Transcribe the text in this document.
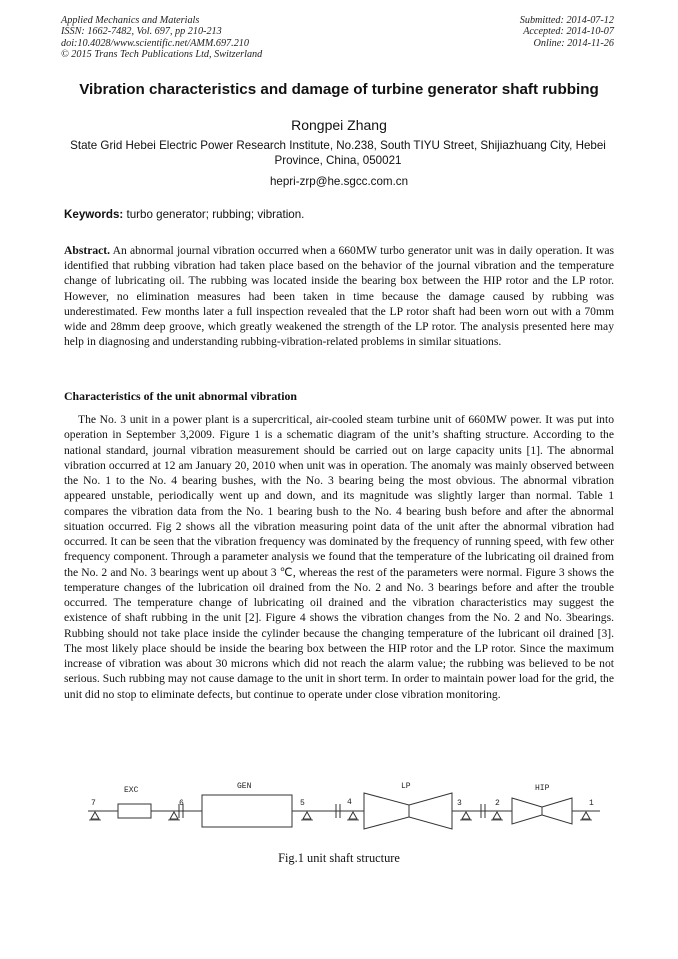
Applied Mechanics and Materials
ISSN: 1662-7482, Vol. 697, pp 210-213
doi:10.4028/www.scientific.net/AMM.697.210
© 2015 Trans Tech Publications Ltd, Switzerland
Submitted: 2014-07-12
Accepted: 2014-10-07
Online: 2014-11-26
Vibration characteristics and damage of turbine generator shaft rubbing
Rongpei Zhang
State Grid Hebei Electric Power Research Institute, No.238, South TIYU Street, Shijiazhuang City, Hebei Province, China, 050021
hepri-zrp@he.sgcc.com.cn
Keywords: turbo generator; rubbing; vibration.
Abstract. An abnormal journal vibration occurred when a 660MW turbo generator unit was in daily operation. It was identified that rubbing vibration had taken place based on the behavior of the journal vibration and the temperature change of lubricating oil. The rubbing was located inside the bearing box between the HIP rotor and the LP rotor. However, no elimination measures had been taken in time because the damage caused by rubbing was underestimated. Few months later a full inspection revealed that the LP rotor shaft had been worn out with a 70mm wide and 28mm deep groove, which greatly weakened the strength of the LP rotor. The analysis presented here may help in diagnosing and understanding rubbing-vibration-related problems in similar situations.
Characteristics of the unit abnormal vibration
The No. 3 unit in a power plant is a supercritical, air-cooled steam turbine unit of 660MW power. It was put into operation in September 3,2009. Figure 1 is a schematic diagram of the unit’s shafting structure. According to the national standard, journal vibration measurement should be carried out on large capacity units [1]. The abnormal vibration occurred at 12 am January 20, 2010 when unit was in operation. The anomaly was mainly observed between the No. 1 to the No. 4 bearing bushes, with the No. 3 bearing being the most obvious. The abnormal vibration appeared unstable, periodically went up and down, and its magnitude was slightly larger than normal. Table 1 compares the vibration data from the No. 1 bearing bush to the No. 4 bearing bush before and after the abnormal situation occurred. Fig 2 shows all the vibration measuring point data of the unit after the abnormal vibration had occurred. It can be seen that the vibration frequency was dominated by the frequency of running speed, with few other frequency component. Through a parameter analysis we found that the temperature of the lubricating oil drained from the No. 2 and No. 3 bearings went up about 3 ℃, whereas the rest of the parameters were normal. Figure 3 shows the temperature changes of the lubrication oil drained from the No. 2 and No. 3 bearings before and after the trouble occurred. The temperature change of lubricating oil drained and the vibration characteristics may suggest the existence of shaft rubbing in the unit [2]. Figure 4 shows the vibration changes from the No. 2 and No. 3bearings. Rubbing should not take place inside the cylinder because the changing temperature of the lubricant oil drained [3]. The most likely place should be inside the bearing box between the HIP rotor and the LP rotor. Since the maximum increase of vibration was about 30 microns which did not reach the alarm value; the rubbing was believed to be not serious. Such rubbing may not cause damage to the unit in short term. In order to maintain power load for the grid, the unit did no stop to eliminate defects, but continue to operate under close vibration monitoring.
EXC	GEN	LP	HIP
7	6	5	4	3	2	1
Fig.1 unit shaft structure
